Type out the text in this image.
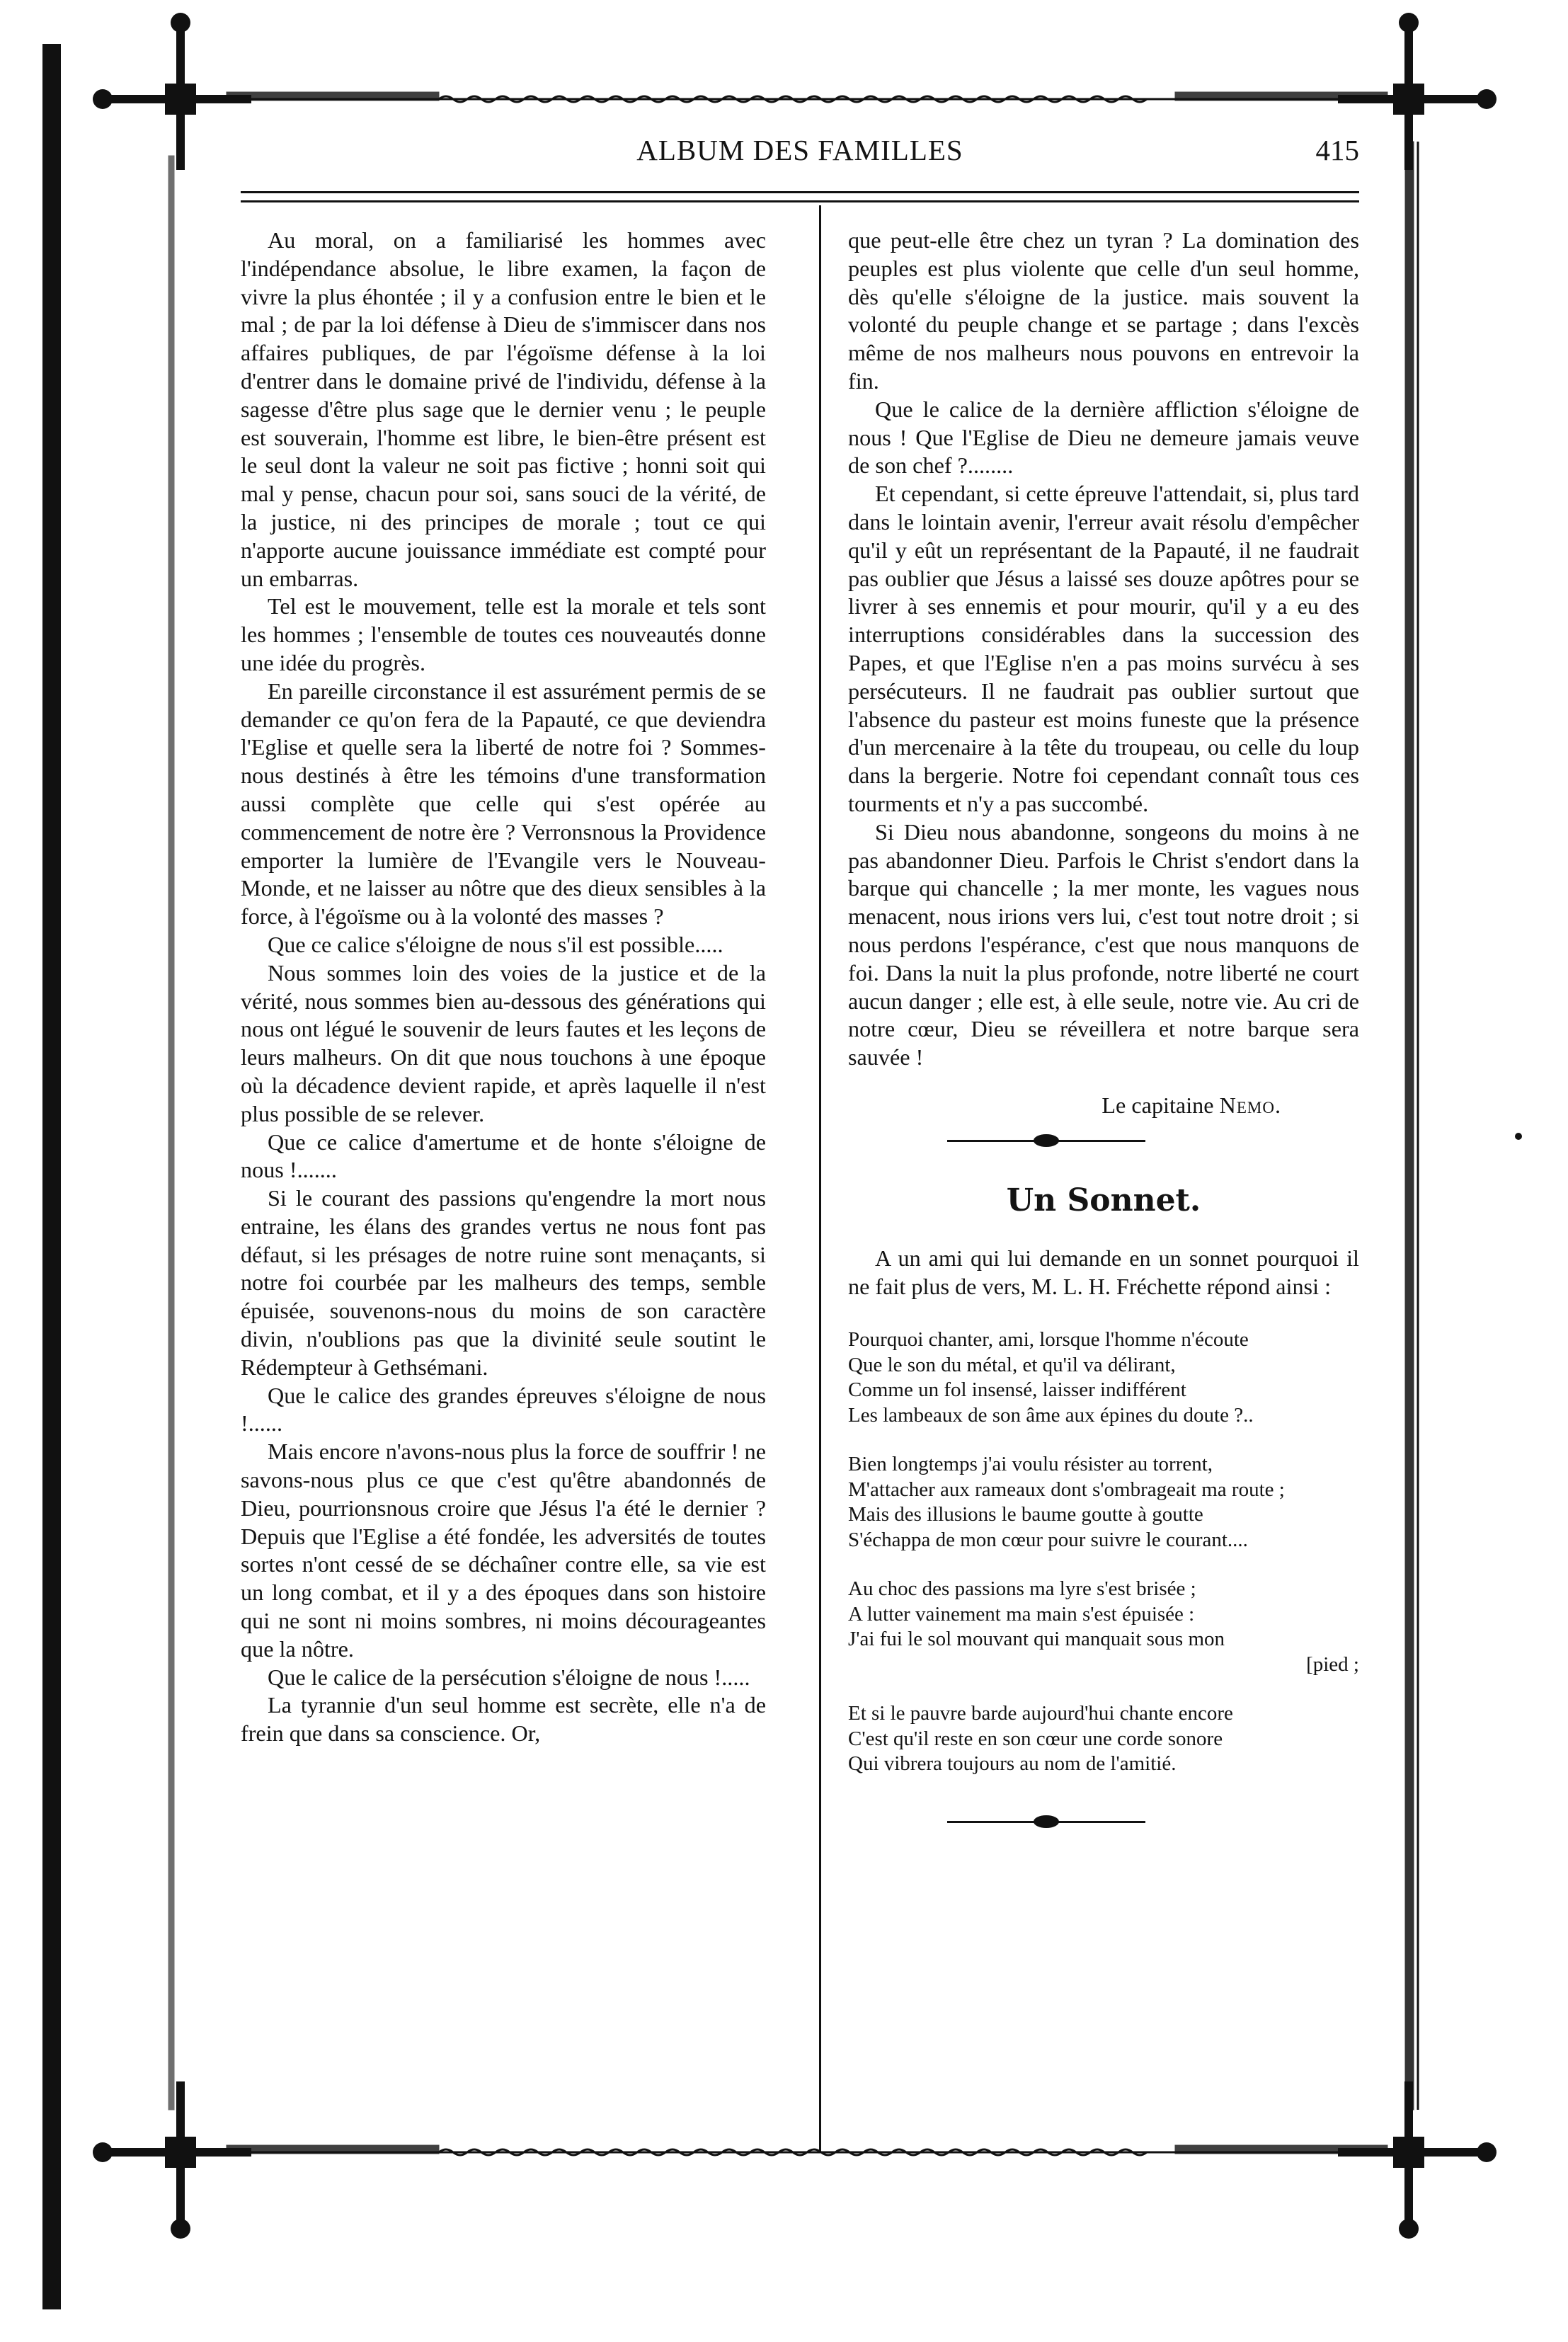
ALBUM DES FAMILLES	415

Au moral, on a familiarisé les hommes avec l'indépendance absolue, le libre examen, la façon de vivre la plus éhontée ; il y a confusion entre le bien et le mal ; de par la loi défense à Dieu de s'immiscer dans nos affaires publiques, de par l'égoïsme défense à la loi d'entrer dans le domaine privé de l'individu, défense à la sagesse d'être plus sage que le dernier venu ; le peuple est souverain, l'homme est libre, le bien-être présent est le seul dont la valeur ne soit pas fictive ; honni soit qui mal y pense, chacun pour soi, sans souci de la vérité, de la justice, ni des principes de morale ; tout ce qui n'apporte aucune jouissance immédiate est compté pour un embarras.

Tel est le mouvement, telle est la morale et tels sont les hommes ; l'ensemble de toutes ces nouveautés donne une idée du progrès.

En pareille circonstance il est assurément permis de se demander ce qu'on fera de la Papauté, ce que deviendra l'Eglise et quelle sera la liberté de notre foi ? Sommes-nous destinés à être les témoins d'une transformation aussi complète que celle qui s'est opérée au commencement de notre ère ? Verronsnous la Providence emporter la lumière de l'Evangile vers le Nouveau-Monde, et ne laisser au nôtre que des dieux sensibles à la force, à l'égoïsme ou à la volonté des masses ?

Que ce calice s'éloigne de nous s'il est possible.....

Nous sommes loin des voies de la justice et de la vérité, nous sommes bien au-dessous des générations qui nous ont légué le souvenir de leurs fautes et les leçons de leurs malheurs. On dit que nous touchons à une époque où la décadence devient rapide, et après laquelle il n'est plus possible de se relever.

Que ce calice d'amertume et de honte s'éloigne de nous !.......

Si le courant des passions qu'engendre la mort nous entraine, les élans des grandes vertus ne nous font pas défaut, si les présages de notre ruine sont menaçants, si notre foi courbée par les malheurs des temps, semble épuisée, souvenons-nous du moins de son caractère divin, n'oublions pas que la divinité seule soutint le Rédempteur à Gethsémani.

Que le calice des grandes épreuves s'éloigne de nous !......

Mais encore n'avons-nous plus la force de souffrir ! ne savons-nous plus ce que c'est qu'être abandonnés de Dieu, pourrionsnous croire que Jésus l'a été le dernier ? Depuis que l'Eglise a été fondée, les adversités de toutes sortes n'ont cessé de se déchaîner contre elle, sa vie est un long combat, et il y a des époques dans son histoire qui ne sont ni moins sombres, ni moins décourageantes que la nôtre.

Que le calice de la persécution s'éloigne de nous !.....

La tyrannie d'un seul homme est secrète, elle n'a de frein que dans sa conscience. Or,

que peut-elle être chez un tyran ? La domination des peuples est plus violente que celle d'un seul homme, dès qu'elle s'éloigne de la justice. mais souvent la volonté du peuple change et se partage ; dans l'excès même de nos malheurs nous pouvons en entrevoir la fin.

Que le calice de la dernière affliction s'éloigne de nous ! Que l'Eglise de Dieu ne demeure jamais veuve de son chef ?........

Et cependant, si cette épreuve l'attendait, si, plus tard dans le lointain avenir, l'erreur avait résolu d'empêcher qu'il y eût un représentant de la Papauté, il ne faudrait pas oublier que Jésus a laissé ses douze apôtres pour se livrer à ses ennemis et pour mourir, qu'il y a eu des interruptions considérables dans la succession des Papes, et que l'Eglise n'en a pas moins survécu à ses persécuteurs. Il ne faudrait pas oublier surtout que l'absence du pasteur est moins funeste que la présence d'un mercenaire à la tête du troupeau, ou celle du loup dans la bergerie. Notre foi cependant connaît tous ces tourments et n'y a pas succombé.

Si Dieu nous abandonne, songeons du moins à ne pas abandonner Dieu. Parfois le Christ s'endort dans la barque qui chancelle ; la mer monte, les vagues nous menacent, nous irions vers lui, c'est tout notre droit ; si nous perdons l'espérance, c'est que nous manquons de foi. Dans la nuit la plus profonde, notre liberté ne court aucun danger ; elle est, à elle seule, notre vie. Au cri de notre cœur, Dieu se réveillera et notre barque sera sauvée !

Le capitaine Nemo.

Un Sonnet.

A un ami qui lui demande en un sonnet pourquoi il ne fait plus de vers, M. L. H. Fréchette répond ainsi :

Pourquoi chanter, ami, lorsque l'homme n'écoute
Que le son du métal, et qu'il va délirant,
Comme un fol insensé, laisser indifférent
Les lambeaux de son âme aux épines du doute ?..
Bien longtemps j'ai voulu résister au torrent,
M'attacher aux rameaux dont s'ombrageait ma route ;
Mais des illusions le baume goutte à goutte
S'échappa de mon cœur pour suivre le courant....
Au choc des passions ma lyre s'est brisée ;
A lutter vainement ma main s'est épuisée :
J'ai fui le sol mouvant qui manquait sous mon
[pied ;
Et si le pauvre barde aujourd'hui chante encore
C'est qu'il reste en son cœur une corde sonore
Qui vibrera toujours au nom de l'amitié.
